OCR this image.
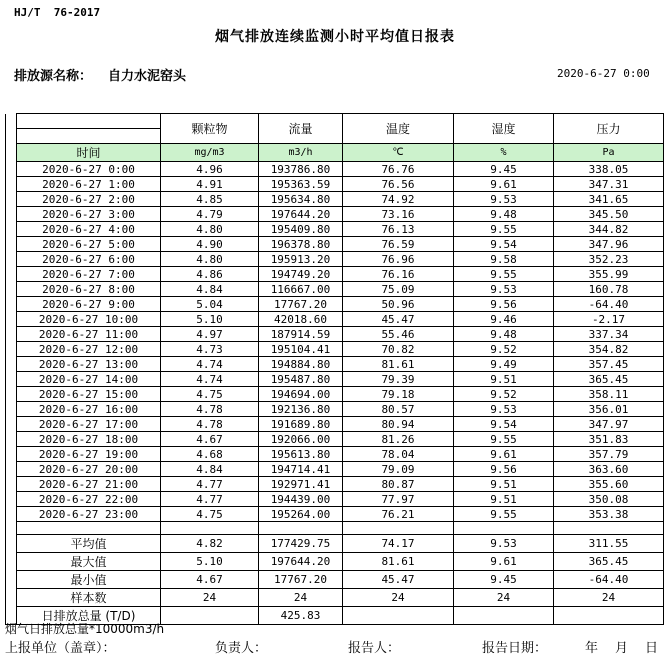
HJ/T  76-2017
烟气排放连续监测小时平均值日报表
排放源名称： 自力水泥窑头	2020-6-27 0:00
		颗粒物	流量	温度	湿度	压力

	时间	mg/m3	m3/h	℃	%	Pa
	2020-6-27 0:00	4.96	193786.80	76.76	9.45	338.05
	2020-6-27 1:00	4.91	195363.59	76.56	9.61	347.31
	2020-6-27 2:00	4.85	195634.80	74.92	9.53	341.65
	2020-6-27 3:00	4.79	197644.20	73.16	9.48	345.50
	2020-6-27 4:00	4.80	195409.80	76.13	9.55	344.82
	2020-6-27 5:00	4.90	196378.80	76.59	9.54	347.96
	2020-6-27 6:00	4.80	195913.20	76.96	9.58	352.23
	2020-6-27 7:00	4.86	194749.20	76.16	9.55	355.99
	2020-6-27 8:00	4.84	116667.00	75.09	9.53	160.78
	2020-6-27 9:00	5.04	17767.20	50.96	9.56	-64.40
	2020-6-27 10:00	5.10	42018.60	45.47	9.46	-2.17
	2020-6-27 11:00	4.97	187914.59	55.46	9.48	337.34
	2020-6-27 12:00	4.73	195104.41	70.82	9.52	354.82
	2020-6-27 13:00	4.74	194884.80	81.61	9.49	357.45
	2020-6-27 14:00	4.74	195487.80	79.39	9.51	365.45
	2020-6-27 15:00	4.75	194694.00	79.18	9.52	358.11
	2020-6-27 16:00	4.78	192136.80	80.57	9.53	356.01
	2020-6-27 17:00	4.78	191689.80	80.94	9.54	347.97
	2020-6-27 18:00	4.67	192066.00	81.26	9.55	351.83
	2020-6-27 19:00	4.68	195613.80	78.04	9.61	357.79
	2020-6-27 20:00	4.84	194714.41	79.09	9.56	363.60
	2020-6-27 21:00	4.77	192971.41	80.87	9.51	355.60
	2020-6-27 22:00	4.77	194439.00	77.97	9.51	350.08
	2020-6-27 23:00	4.75	195264.00	76.21	9.55	353.38

	平均值	4.82	177429.75	74.17	9.53	311.55
	最大值	5.10	197644.20	81.61	9.61	365.45
	最小值	4.67	17767.20	45.47	9.45	-64.40
	样本数	24	24	24	24	24
	日排放总量 (T/D)		425.83			
烟气日排放总量*10000m3/h
上报单位（盖章）：	负责人：	报告人：	报告日期：	年 月 日
